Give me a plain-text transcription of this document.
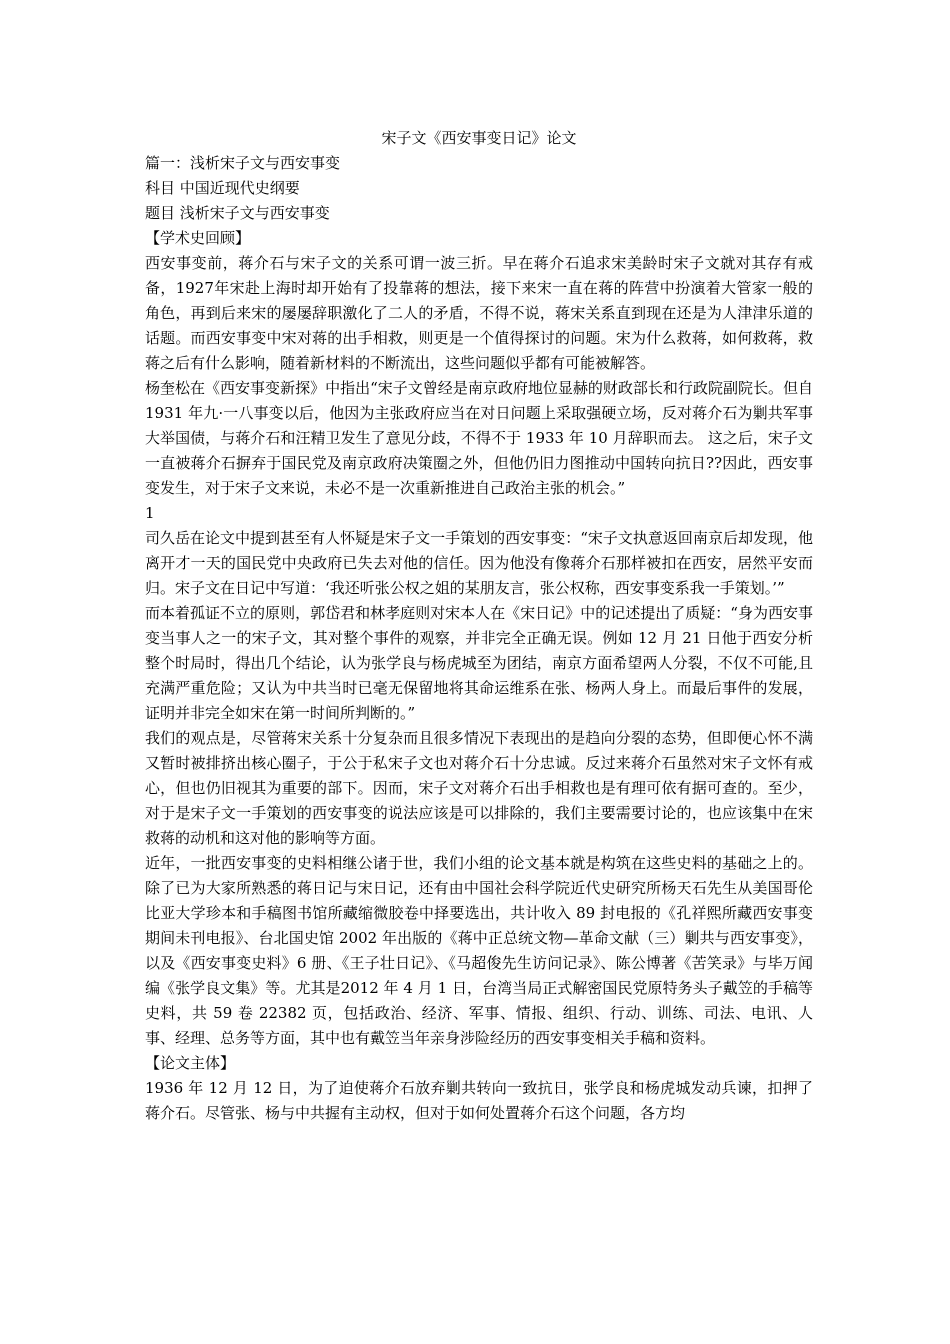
宋子文《西安事变日记》论文

篇一：浅析宋子文与西安事变

科目 中国近现代史纲要

题目 浅析宋子文与西安事变

【学术史回顾】

西安事变前，蒋介石与宋子文的关系可谓一波三折。早在蒋介石追求宋美龄时宋子文就对其存有戒备，1927年宋赴上海时却开始有了投靠蒋的想法，接下来宋一直在蒋的阵营中扮演着大管家一般的角色，再到后来宋的屡屡辞职激化了二人的矛盾，不得不说，蒋宋关系直到现在还是为人津津乐道的话题。而西安事变中宋对蒋的出手相救，则更是一个值得探讨的问题。宋为什么救蒋，如何救蒋，救蒋之后有什么影响，随着新材料的不断流出，这些问题似乎都有可能被解答。

杨奎松在《西安事变新探》中指出“宋子文曾经是南京政府地位显赫的财政部长和行政院副院长。但自 1931 年九·一八事变以后，他因为主张政府应当在对日问题上采取强硬立场，反对蒋介石为剿共军事大举国债，与蒋介石和汪精卫发生了意见分歧，不得不于 1933 年 10 月辞职而去。 这之后，宋子文一直被蒋介石摒弃于国民党及南京政府决策圈之外，但他仍旧力图推动中国转向抗日??因此，西安事变发生，对于宋子文来说，未必不是一次重新推进自己政治主张的机会。”

1

司久岳在论文中提到甚至有人怀疑是宋子文一手策划的西安事变：“宋子文执意返回南京后却发现，他离开才一天的国民党中央政府已失去对他的信任。因为他没有像蒋介石那样被扣在西安，居然平安而归。宋子文在日记中写道：‘我还听张公权之姐的某朋友言，张公权称，西安事变系我一手策划。’”

而本着孤证不立的原则，郭岱君和林孝庭则对宋本人在《宋日记》中的记述提出了质疑：“身为西安事变当事人之一的宋子文，其对整个事件的观察，并非完全正确无误。例如 12 月 21 日他于西安分析整个时局时，得出几个结论，认为张学良与杨虎城至为团结，南京方面希望两人分裂，不仅不可能,且充满严重危险；又认为中共当时已毫无保留地将其命运维系在张、杨两人身上。而最后事件的发展，证明并非完全如宋在第一时间所判断的。”

我们的观点是，尽管蒋宋关系十分复杂而且很多情况下表现出的是趋向分裂的态势，但即便心怀不满又暂时被排挤出核心圈子，于公于私宋子文也对蒋介石十分忠诚。反过来蒋介石虽然对宋子文怀有戒心，但也仍旧视其为重要的部下。因而，宋子文对蒋介石出手相救也是有理可依有据可查的。至少，对于是宋子文一手策划的西安事变的说法应该是可以排除的，我们主要需要讨论的，也应该集中在宋救蒋的动机和这对他的影响等方面。

近年，一批西安事变的史料相继公诸于世，我们小组的论文基本就是构筑在这些史料的基础之上的。除了已为大家所熟悉的蒋日记与宋日记，还有由中国社会科学院近代史研究所杨天石先生从美国哥伦比亚大学珍本和手稿图书馆所藏缩微胶卷中择要选出，共计收入 89 封电报的《孔祥熙所藏西安事变期间未刊电报》、台北国史馆 2002 年出版的《蒋中正总统文物—革命文献（三）剿共与西安事变》，以及《西安事变史料》6 册、《王子壮日记》、《马超俊先生访问记录》、陈公博著《苦笑录》与毕万闻编《张学良文集》等。尤其是2012 年 4 月 1 日，台湾当局正式解密国民党原特务头子戴笠的手稿等史料，共 59 卷 22382 页，包括政治、经济、军事、情报、组织、行动、训练、司法、电讯、人事、经理、总务等方面，其中也有戴笠当年亲身涉险经历的西安事变相关手稿和资料。

【论文主体】

1936 年 12 月 12 日，为了迫使蒋介石放弃剿共转向一致抗日，张学良和杨虎城发动兵谏，扣押了蒋介石。尽管张、杨与中共握有主动权，但对于如何处置蒋介石这个问题，各方均
